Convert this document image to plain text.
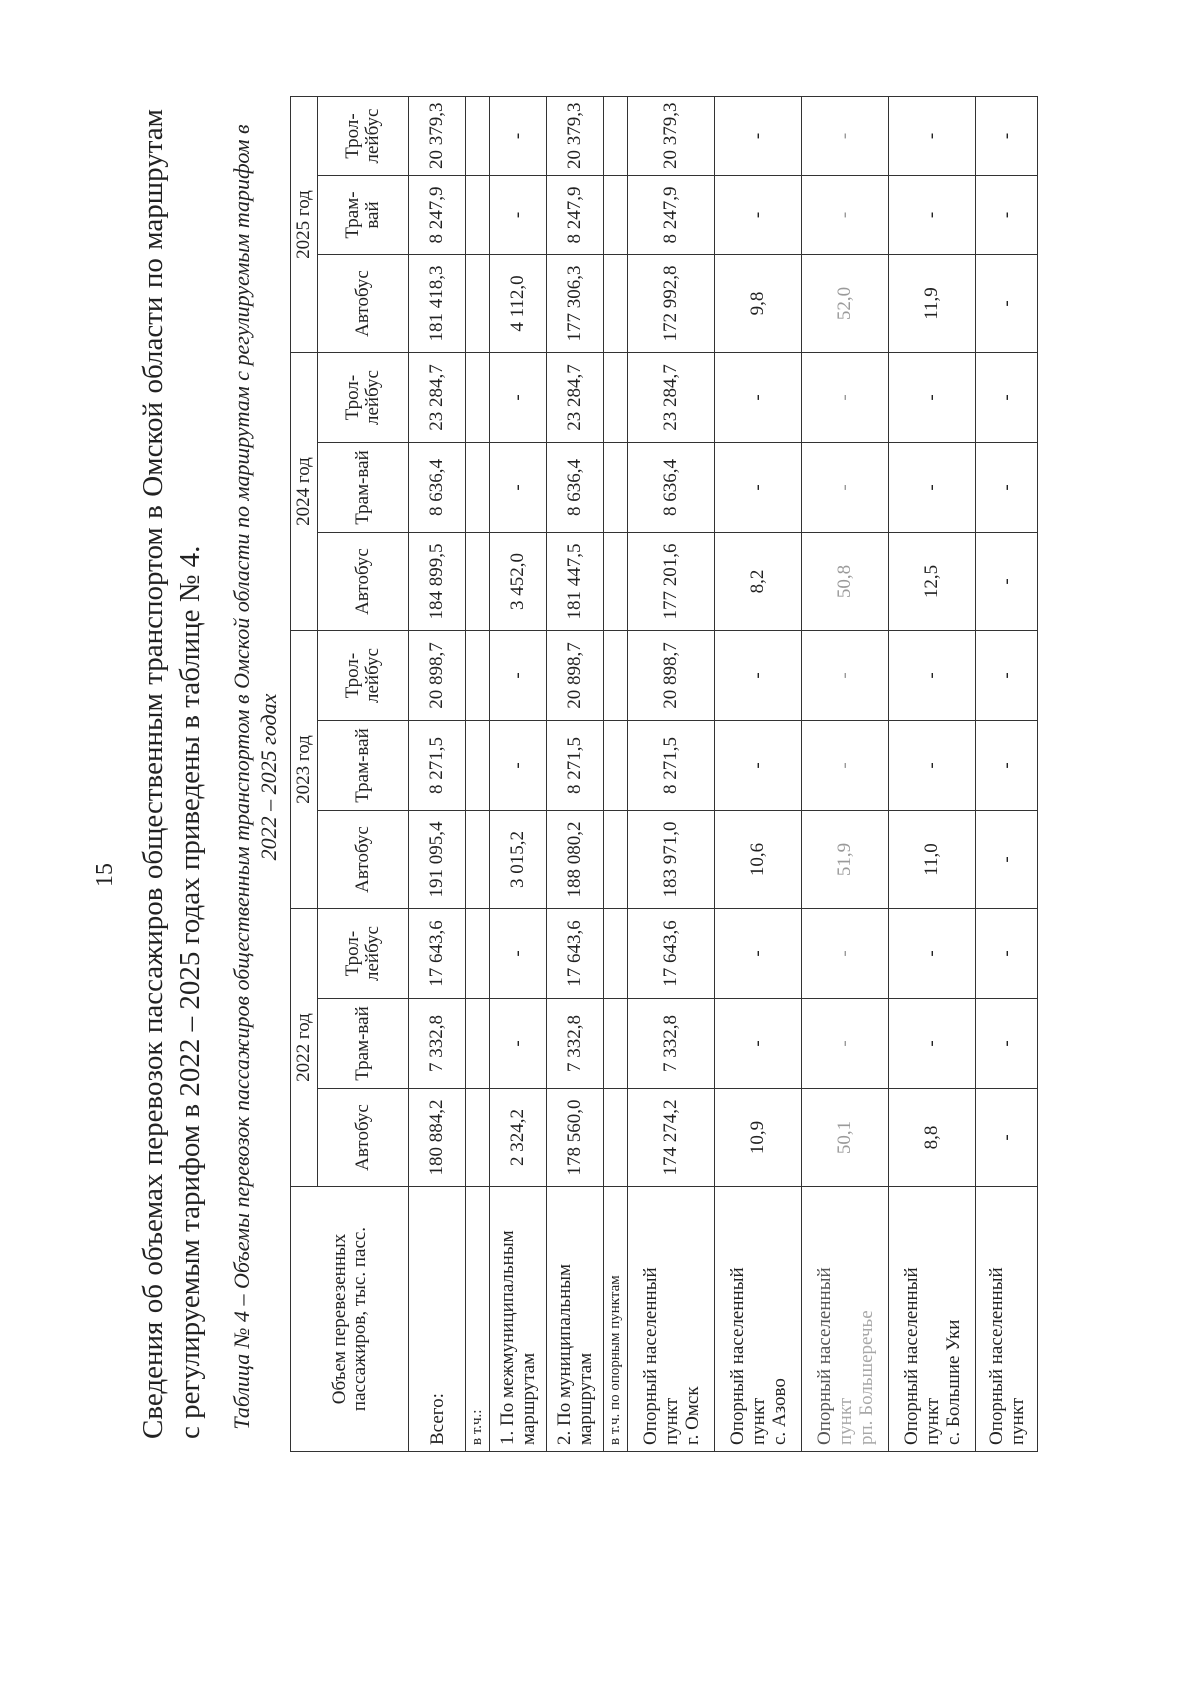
15 Сведения об объемах перевозок пассажиров общественным транспортом в Омской области по маршрутам с регулируемым тарифом в 2022 – 2025 годах приведены в таблице № 4. Таблица № 4 – Объемы перевозок пассажиров общественным транспортом в Омской области по маршрутам с регулируемым тарифом в 2022 – 2025 годах
Объем перевезенных пассажиров, тыс. пасс.	2022 год			2023 год			2024 год			2025 год		
	Автобус	Трам-вай	Трол-лейбус	Автобус	Трам-вай	Трол-лейбус	Автобус	Трам-вай	Трол-лейбус	Автобус	Трам-вай	Трол-лейбус

Всего:	180 884,2	7 332,8	17 643,6	191 095,4	8 271,5	20 898,7	184 899,5	8 636,4	23 284,7	181 418,3	8 247,9	20 379,3

в т.ч.:												

1. По межмуниципальным маршрутам	2 324,2	-	-	3 015,2	-	-	3 452,0	-	-	4 112,0	-	-

2. По муниципальным маршрутам	178 560,0	7 332,8	17 643,6	188 080,2	8 271,5	20 898,7	181 447,5	8 636,4	23 284,7	177 306,3	8 247,9	20 379,3

в т.ч. по опорным пунктам												

Опорный населенный пункт г. Омск	174 274,2	7 332,8	17 643,6	183 971,0	8 271,5	20 898,7	177 201,6	8 636,4	23 284,7	172 992,8	8 247,9	20 379,3

Опорный населенный пункт с. Азово	10,9	-	-	10,6	-	-	8,2	-	-	9,8	-	-

Опорный населенный пункт рп. Большеречье	50,1	-	-	51,9	-	-	50,8	-	-	52,0	-	-

Опорный населенный пункт с. Большие Уки	8,8	-	-	11,0	-	-	12,5	-	-	11,9	-	-

Опорный населенный пункт	-	-	-	-	-	-	-	-	-	-	-	-
